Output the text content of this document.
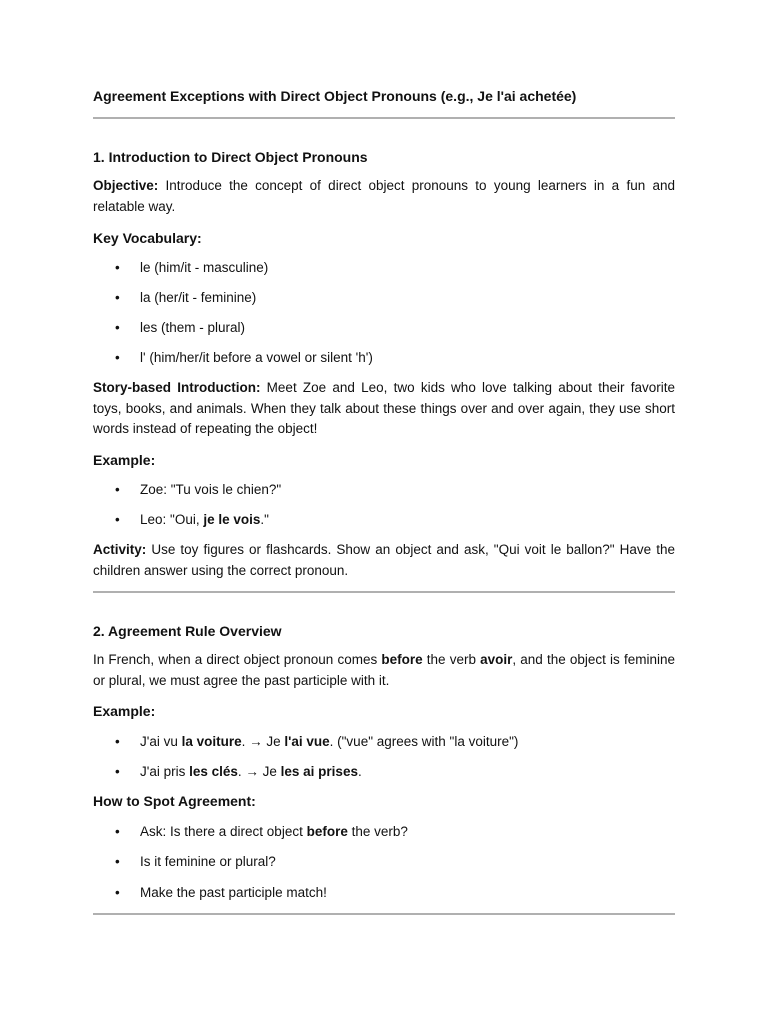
Agreement Exceptions with Direct Object Pronouns (e.g., Je l'ai achetée)
1. Introduction to Direct Object Pronouns
Objective: Introduce the concept of direct object pronouns to young learners in a fun and relatable way.
Key Vocabulary:
• le (him/it - masculine)
• la (her/it - feminine)
• les (them - plural)
• l' (him/her/it before a vowel or silent 'h')
Story-based Introduction: Meet Zoe and Leo, two kids who love talking about their favorite toys, books, and animals. When they talk about these things over and over again, they use short words instead of repeating the object!
Example:
• Zoe: "Tu vois le chien?"
• Leo: "Oui, je le vois."
Activity: Use toy figures or flashcards. Show an object and ask, "Qui voit le ballon?" Have the children answer using the correct pronoun.
2. Agreement Rule Overview
In French, when a direct object pronoun comes before the verb avoir, and the object is feminine or plural, we must agree the past participle with it.
Example:
• J'ai vu la voiture. → Je l'ai vue. ("vue" agrees with "la voiture")
• J'ai pris les clés. → Je les ai prises.
How to Spot Agreement:
• Ask: Is there a direct object before the verb?
• Is it feminine or plural?
• Make the past participle match!
